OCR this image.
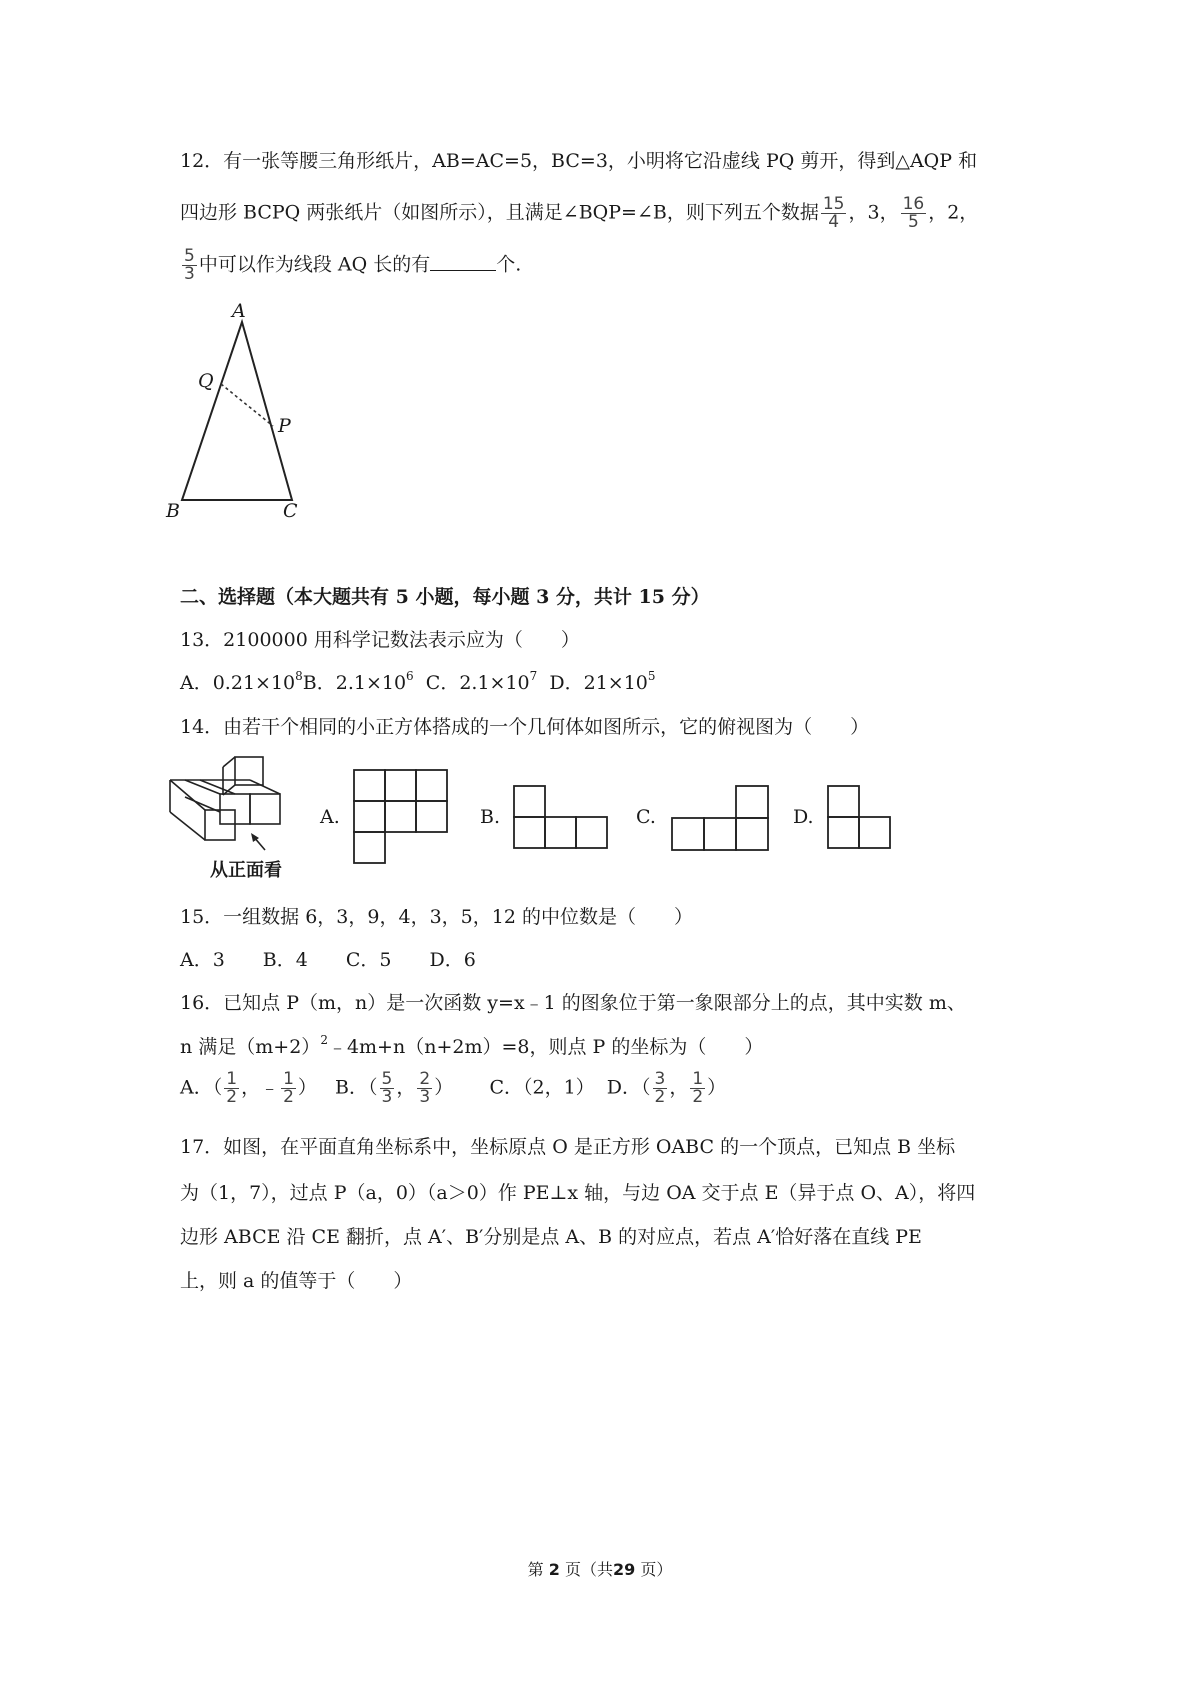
12．有一张等腰三角形纸片，AB=AC=5，BC=3，小明将它沿虚线 PQ 剪开，得到△AQP 和
四边形 BCPQ 两张纸片（如图所示），且满足∠BQP=∠B，则下列五个数据 $\frac{15}{4}$ ，3， $\frac{16}{5}$ ，2，
$\frac{5}{3}$ 中可以作为线段 AQ 长的有	个.
A
Q
P
B	C
二、选择题（本大题共有 5 小题，每小题 3 分，共计 15 分）
13．2100000 用科学记数法表示应为（　　）
A．$0.21\times 10^8B$．$2.1\times 10^6$ C．$2.1\times 10^7$ D．$21\times 10^5$
14．由若干个相同的小正方体搭成的一个几何体如图所示，它的俯视图为（　　）
从正面看
A.	B.	C.	D.
15．一组数据 6，3，9，4，3，5，12 的中位数是（　　）
A．3　　B．4　　C．5　　D．6
16．已知点 P（m，n）是一次函数 y=x﹣1 的图象位于第一象限部分上的点，其中实数 m、
n 满足$(m+2)^2﹣4m+n(n+2m)=8$，则点 P 的坐标为（　　）
A．（ $\frac{1}{2}$ ，﹣ $\frac{1}{2}$ ） B．（ $\frac{5}{3}$ ， $\frac{2}{3}$ ） C．（2，1） D．（ $\frac{3}{2}$ ， $\frac{1}{2}$ ）
17．如图，在平面直角坐标系中，坐标原点 O 是正方形 OABC 的一个顶点，已知点 B 坐标
为（1，7），过点 P（a，0）（a＞0）作 PE⊥x 轴，与边 OA 交于点 E（异于点 O、A），将四
边形 ABCE 沿 CE 翻折，点 A′、B′分别是点 A、B 的对应点，若点 A′恰好落在直线 PE
上，则 a 的值等于（　　）
第 2 页（共29 页）
